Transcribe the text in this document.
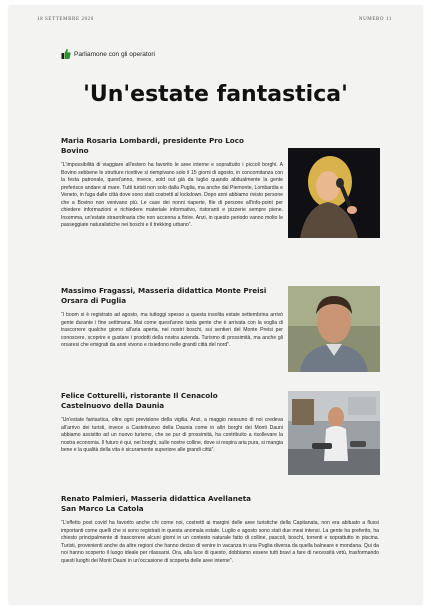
18 SETTEMBRE 2020	NUMERO 11
Parliamone con gli operatori
'Un'estate fantastica'
Maria Rosaria Lombardi, presidente Pro Loco
Bovino
“L'impossibilità di viaggiare all'estero ha favorito le aree interne e soprattutto i piccoli borghi. A Bovino sebbene le strutture ricettive si riempivano solo il 15 giorni di agosto, in concomitanza con la festa patronale, quest'anno, invece, sold out già da luglio quando abitualmente la gente preferisce andare al mare. Tutti turisti non solo dalla Puglia, ma anche dal Piemonte, Lombardia e Veneto, in fuga dalle città dove sono stati costretti al lockdown. Dopo anni abbiamo rivisto persone che a Bovino non venivano più. Le case dei nonni riaperte, file di persone all'info-point per chiedere informazioni e richiedere materiale informativo, ristoranti e pizzerie sempre piene. Insomma, un'estate straordinaria che non accenna a finire. Anzi, in questo periodo vanno molto le passeggiate naturalistiche nei boschi e il trekking urbano”.
Massimo Fragassi, Masseria didattica Monte Preisi
Orsara di Puglia
“I boom si è registrato ad agosto, ma tuttoggi spesso a questa insolita estate settembrina arrivò gente durante i fine settimana. Mai come quest'anno tanta gente che è arrivata con la voglia di trascorrere qualche giorno all'aria aperta, nei nostri boschi, sui sentieri del Monte Preisi per conoscere, scoprire e gustare i prodotti della nostra azienda. Turismo di prossimità, ma anche gli orsaresi che emigrati da anni vivono e risiedono nelle grandi città del nord”.
Felice Cotturelli, ristorante Il Cenacolo
Castelnuovo della Daunia
“Un'estate fantastica, oltre ogni previsione della vigilia. Anzi, a maggio nessuno di noi credeva all'arrivo dei turisti, invece a Castelnuovo della Daunia come in altri borghi dei Monti Dauni abbiamo assistito ad un nuovo turismo, che se pur di prossimità, ha contribuito a risollevare la nostra economia. Il futuro è qui, nei borghi, sulle nostre colline, dove si respira aria pura, si mangia bene e la qualità della vita è sicuramente superiore alle grandi città”.
Renato Palmieri, Masseria didattica Avellaneta
San Marco La Catola
“L'effetto post covid ha favorito anche chi come noi, costretti ai margini delle aree turistiche della Capitanata, non era abituato a flussi importanti come quelli che si sono registrati in questa anomala estate. Luglio e agosto sono stati due mesi intensi. La gente ha preferito, ha chiesto principalmente di trascorrere alcuni giorni in un contesto naturale fatto di colline, pascoli, boschi, torrenti e soprattutto in piscina. Turisti, provenienti anche da altre regioni che hanno deciso di venire in vacanza in una Puglia diversa da quella balneare e mondana. Qui da noi hanno scoperto il luogo ideale per rilassarsi. Ora, alla luce di questo, dobbiamo essere tutti bravi a fare di necessità virtù, trasformando questi luoghi dei Monti Dauni in un'occasione di scoperta delle aree interne”.
